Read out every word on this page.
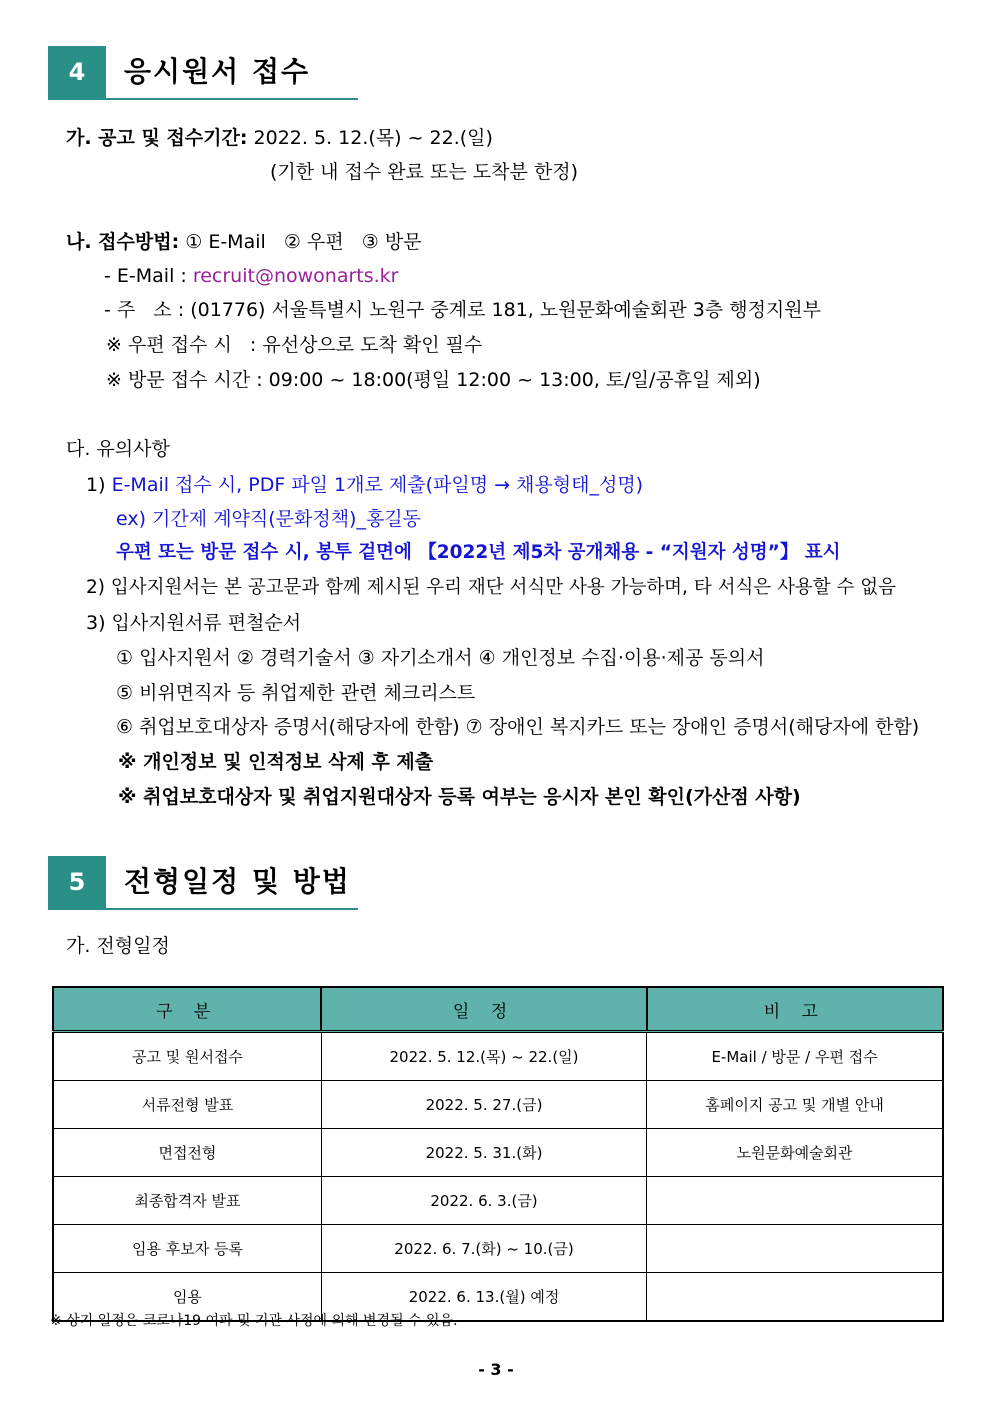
4	응시원서 접수
가. 공고 및 접수기간: 2022. 5. 12.(목) ~ 22.(일)
(기한 내 접수 완료 또는 도착분 한정)
나. 접수방법: ① E-Mail   ② 우편   ③ 방문
- E-Mail : recruit@nowonarts.kr
- 주   소 : (01776) 서울특별시 노원구 중계로 181, 노원문화예술회관 3층 행정지원부
※ 우편 접수 시   : 유선상으로 도착 확인 필수
※ 방문 접수 시간 : 09:00 ~ 18:00(평일 12:00 ~ 13:00, 토/일/공휴일 제외)
다. 유의사항
1) E-Mail 접수 시, PDF 파일 1개로 제출(파일명 → 채용형태_성명)
ex) 기간제 계약직(문화정책)_홍길동
우편 또는 방문 접수 시, 봉투 겉면에 【2022년 제5차 공개채용 - “지원자 성명”】 표시
2) 입사지원서는 본 공고문과 함께 제시된 우리 재단 서식만 사용 가능하며, 타 서식은 사용할 수 없음
3) 입사지원서류 편철순서
① 입사지원서 ② 경력기술서 ③ 자기소개서 ④ 개인정보 수집·이용·제공 동의서
⑤ 비위면직자 등 취업제한 관련 체크리스트
⑥ 취업보호대상자 증명서(해당자에 한함) ⑦ 장애인 복지카드 또는 장애인 증명서(해당자에 한함)
※ 개인정보 및 인적정보 삭제 후 제출
※ 취업보호대상자 및 취업지원대상자 등록 여부는 응시자 본인 확인(가산점 사항)
5	전형일정 및 방법
가. 전형일정
구 분	일 정	비 고
공고 및 원서접수	2022. 5. 12.(목) ~ 22.(일)	E-Mail / 방문 / 우편 접수
서류전형 발표	2022. 5. 27.(금)	홈페이지 공고 및 개별 안내
면접전형	2022. 5. 31.(화)	노원문화예술회관
최종합격자 발표	2022. 6. 3.(금)	
임용 후보자 등록	2022. 6. 7.(화) ~ 10.(금)	
임용	2022. 6. 13.(월) 예정	
※ 상기 일정은 코로나19 여파 및 기관 사정에 의해 변경될 수 있음.
- 3 -
